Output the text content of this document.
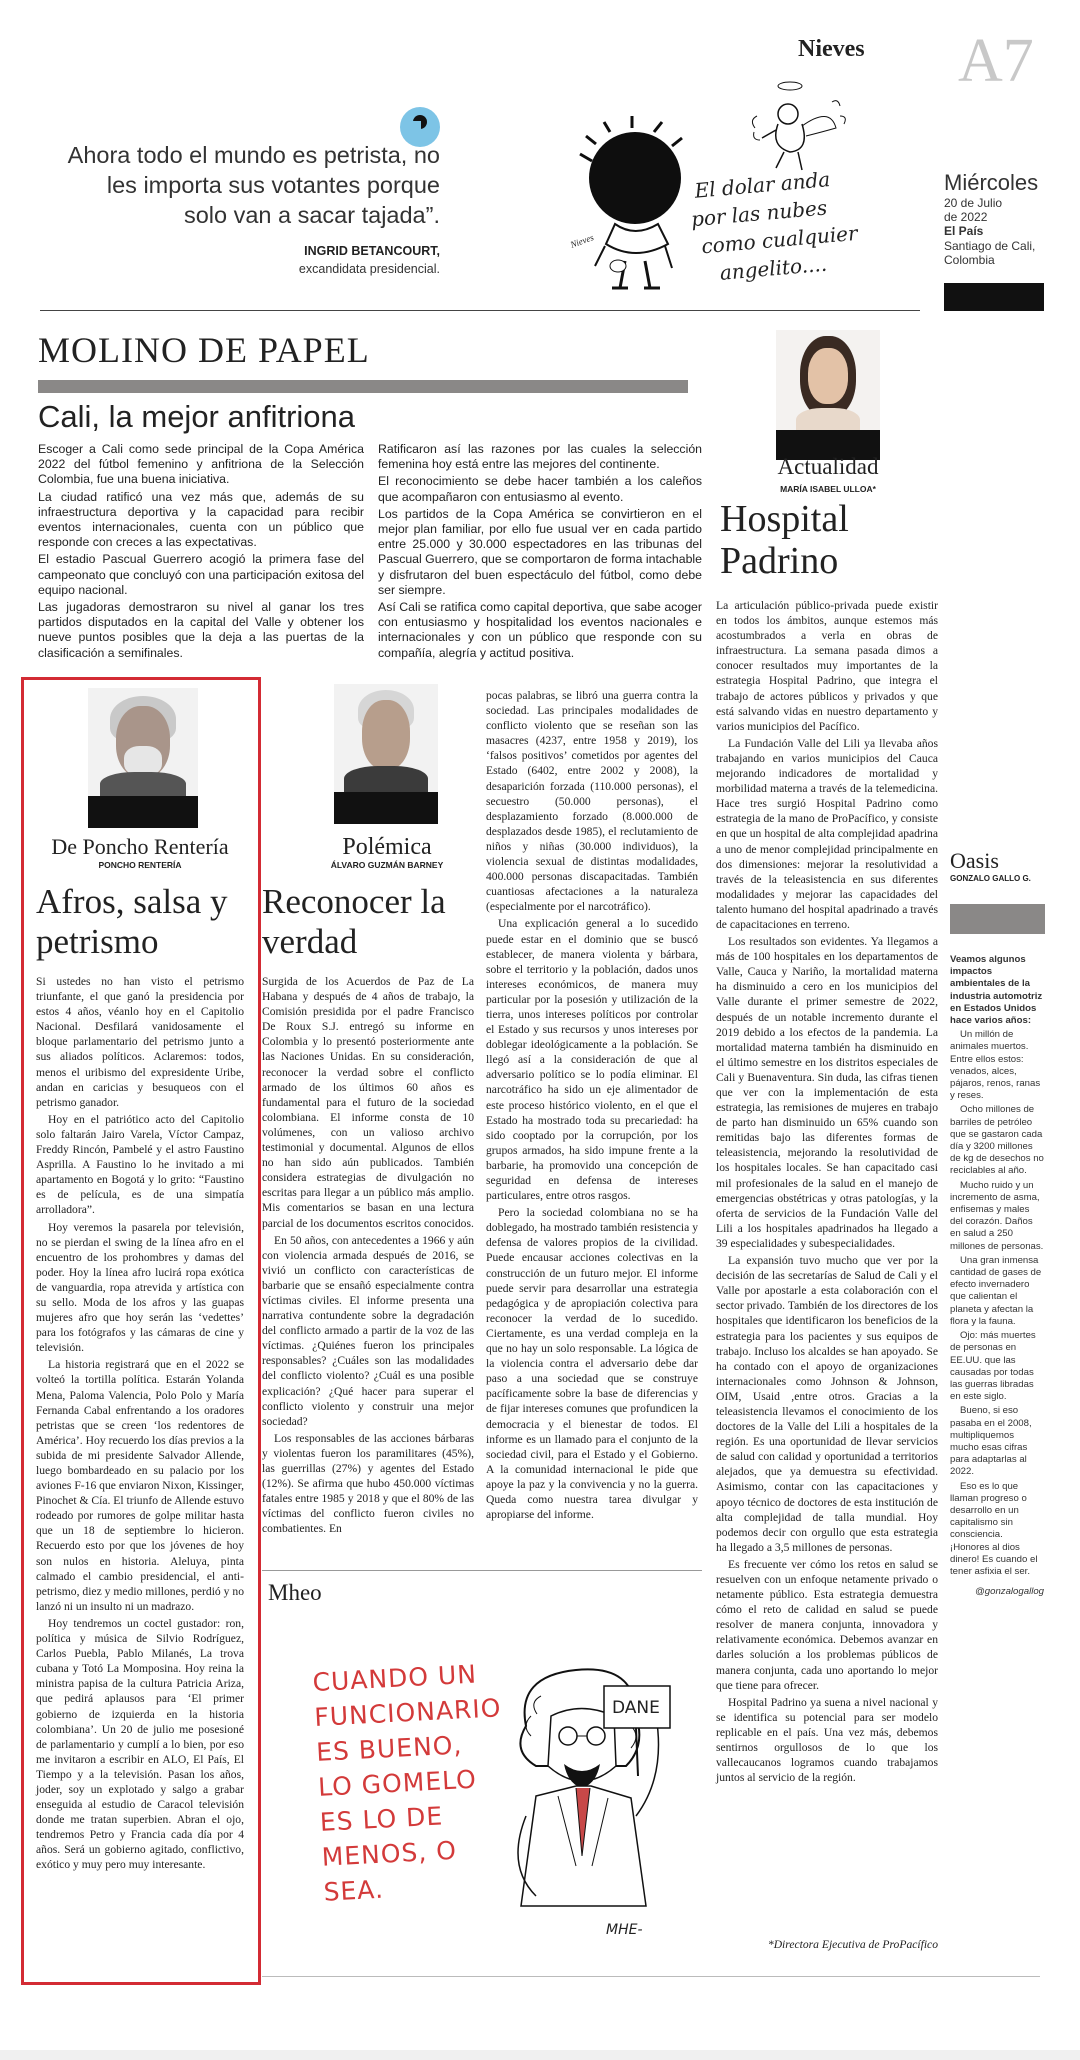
Nieves A7
Ahora todo el mundo es petrista, no les importa sus votantes porque solo van a sacar tajada”.
INGRID BETANCOURT,
excandidata presidencial.
El dolar anda
por las nubes
como cualquier
angelito....
Nieves
Miércoles
20 de Julio
de 2022
El País
Santiago de Cali,
Colombia
MOLINO DE PAPEL
Cali, la mejor anfitriona

Escoger a Cali como sede principal de la Copa América 2022 del fútbol femenino y anfitriona de la Selección Colombia, fue una buena iniciativa.

La ciudad ratificó una vez más que, además de su infraestructura deportiva y la capacidad para recibir eventos internacionales, cuenta con un público que responde con creces a las expectativas.

El estadio Pascual Guerrero acogió la primera fase del campeonato que concluyó con una participación exitosa del equipo nacional.

Las jugadoras demostraron su nivel al ganar los tres partidos disputados en la capital del Valle y obtener los nueve puntos posibles que la deja a las puertas de la clasificación a semifinales.

Ratificaron así las razones por las cuales la selección femenina hoy está entre las mejores del continente.

El reconocimiento se debe hacer también a los caleños que acompañaron con entusiasmo al evento.

Los partidos de la Copa América se convirtieron en el mejor plan familiar, por ello fue usual ver en cada partido entre 25.000 y 30.000 espectadores en las tribunas del Pascual Guerrero, que se comportaron de forma intachable y disfrutaron del buen espectáculo del fútbol, como debe ser siempre.

Así Cali se ratifica como capital deportiva, que sabe acoger con entusiasmo y hospitalidad los eventos nacionales e internacionales y con un público que responde con su compañía, alegría y actitud positiva.

Actualidad
MARÍA ISABEL ULLOA*
Hospital Padrino

La articulación público-privada puede existir en todos los ámbitos, aunque estemos más acostumbrados a verla en obras de infraestructura. La semana pasada dimos a conocer resultados muy importantes de la estrategia Hospital Padrino, que integra el trabajo de actores públicos y privados y que está salvando vidas en nuestro departamento y varios municipios del Pacífico.

La Fundación Valle del Lili ya llevaba años trabajando en varios municipios del Cauca mejorando indicadores de mortalidad y morbilidad materna a través de la telemedicina. Hace tres surgió Hospital Padrino como estrategia de la mano de ProPacífico, y consiste en que un hospital de alta complejidad apadrina a uno de menor complejidad principalmente en dos dimensiones: mejorar la resolutividad a través de la teleasistencia en sus diferentes modalidades y mejorar las capacidades del talento humano del hospital apadrinado a través de capacitaciones en terreno.

Los resultados son evidentes. Ya llegamos a más de 100 hospitales en los departamentos de Valle, Cauca y Nariño, la mortalidad materna ha disminuido a cero en los municipios del Valle durante el primer semestre de 2022, después de un notable incremento durante el 2019 debido a los efectos de la pandemia. La mortalidad materna también ha disminuido en el último semestre en los distritos especiales de Cali y Buenaventura. Sin duda, las cifras tienen que ver con la implementación de esta estrategia, las remisiones de mujeres en trabajo de parto han disminuido un 65% cuando son remitidas bajo las diferentes formas de teleasistencia, mejorando la resolutividad de los hospitales locales. Se han capacitado casi mil profesionales de la salud en el manejo de emergencias obstétricas y otras patologías, y la oferta de servicios de la Fundación Valle del Lili a los hospitales apadrinados ha llegado a 39 especialidades y subespecialidades.

La expansión tuvo mucho que ver por la decisión de las secretarías de Salud de Cali y el Valle por apostarle a esta colaboración con el sector privado. También de los directores de los hospitales que identificaron los beneficios de la estrategia para los pacientes y sus equipos de trabajo. Incluso los alcaldes se han apoyado. Se ha contado con el apoyo de organizaciones internacionales como Johnson & Johnson, OIM, Usaid ,entre otros. Gracias a la teleasistencia llevamos el conocimiento de los doctores de la Valle del Lili a hospitales de la región. Es una oportunidad de llevar servicios de salud con calidad y oportunidad a territorios alejados, que ya demuestra su efectividad. Asimismo, contar con las capacitaciones y apoyo técnico de doctores de esta institución de alta complejidad de talla mundial. Hoy podemos decir con orgullo que esta estrategia ha llegado a 3,5 millones de personas.

Es frecuente ver cómo los retos en salud se resuelven con un enfoque netamente privado o netamente público. Esta estrategia demuestra cómo el reto de calidad en salud se puede resolver de manera conjunta, innovadora y relativamente económica. Debemos avanzar en darles solución a los problemas públicos de manera conjunta, cada uno aportando lo mejor que tiene para ofrecer.

Hospital Padrino ya suena a nivel nacional y se identifica su potencial para ser modelo replicable en el país. Una vez más, debemos sentirnos orgullosos de lo que los vallecaucanos logramos cuando trabajamos juntos al servicio de la región.

*Directora Ejecutiva de ProPacífico
De Poncho Rentería
PONCHO RENTERÍA
Afros, salsa y petrismo

Si ustedes no han visto el petrismo triunfante, el que ganó la presidencia por estos 4 años, véanlo hoy en el Capitolio Nacional. Desfilará vanidosamente el bloque parlamentario del petrismo junto a sus aliados políticos. Aclaremos: todos, menos el uribismo del expresidente Uribe, andan en caricias y besuqueos con el petrismo ganador.

Hoy en el patriótico acto del Capitolio solo faltarán Jairo Varela, Víctor Campaz, Freddy Rincón, Pambelé y el astro Faustino Asprilla. A Faustino lo he invitado a mi apartamento en Bogotá y lo grito: “Faustino es de película, es de una simpatía arrolladora”.

Hoy veremos la pasarela por televisión, no se pierdan el swing de la línea afro en el encuentro de los prohombres y damas del poder. Hoy la línea afro lucirá ropa exótica de vanguardia, ropa atrevida y artística con su sello. Moda de los afros y las guapas mujeres afro que hoy serán las ‘vedettes’ para los fotógrafos y las cámaras de cine y televisión.

La historia registrará que en el 2022 se volteó la tortilla política. Estarán Yolanda Mena, Paloma Valencia, Polo Polo y María Fernanda Cabal enfrentando a los oradores petristas que se creen ‘los redentores de América’. Hoy recuerdo los días previos a la subida de mi presidente Salvador Allende, luego bombardeado en su palacio por los aviones F-16 que enviaron Nixon, Kissinger, Pinochet & Cía. El triunfo de Allende estuvo rodeado por rumores de golpe militar hasta que un 18 de septiembre lo hicieron. Recuerdo esto por que los jóvenes de hoy son nulos en historia. Aleluya, pinta calmado el cambio presidencial, el anti-petrismo, diez y medio millones, perdió y no lanzó ni un insulto ni un madrazo.

Hoy tendremos un coctel gustador: ron, política y música de Silvio Rodríguez, Carlos Puebla, Pablo Milanés, La trova cubana y Totó La Momposina. Hoy reina la ministra papisa de la cultura Patricia Ariza, que pedirá aplausos para ‘El primer gobierno de izquierda en la historia colombiana’. Un 20 de julio me posesioné de parlamentario y cumplí a lo bien, por eso me invitaron a escribir en ALO, El País, El Tiempo y a la televisión. Pasan los años, joder, soy un explotado y salgo a grabar enseguida al estudio de Caracol televisión donde me tratan superbien. Abran el ojo, tendremos Petro y Francia cada día por 4 años. Será un gobierno agitado, conflictivo, exótico y muy pero muy interesante.

Polémica
ÁLVARO GUZMÁN BARNEY
Reconocer la verdad

Surgida de los Acuerdos de Paz de La Habana y después de 4 años de trabajo, la Comisión presidida por el padre Francisco De Roux S.J. entregó su informe en Colombia y lo presentó posteriormente ante las Naciones Unidas. En su consideración, reconocer la verdad sobre el conflicto armado de los últimos 60 años es fundamental para el futuro de la sociedad colombiana. El informe consta de 10 volúmenes, con un valioso archivo testimonial y documental. Algunos de ellos no han sido aún publicados. También considera estrategias de divulgación no escritas para llegar a un público más amplio. Mis comentarios se basan en una lectura parcial de los documentos escritos conocidos.

En 50 años, con antecedentes a 1966 y aún con violencia armada después de 2016, se vivió un conflicto con características de barbarie que se ensañó especialmente contra víctimas civiles. El informe presenta una narrativa contundente sobre la degradación del conflicto armado a partir de la voz de las víctimas. ¿Quiénes fueron los principales responsables? ¿Cuáles son las modalidades del conflicto violento? ¿Cuál es una posible explicación? ¿Qué hacer para superar el conflicto violento y construir una mejor sociedad?

Los responsables de las acciones bárbaras y violentas fueron los paramilitares (45%), las guerrillas (27%) y agentes del Estado (12%). Se afirma que hubo 450.000 víctimas fatales entre 1985 y 2018 y que el 80% de las víctimas del conflicto fueron civiles no combatientes. En

pocas palabras, se libró una guerra contra la sociedad. Las principales modalidades de conflicto violento que se reseñan son las masacres (4237, entre 1958 y 2019), los ‘falsos positivos’ cometidos por agentes del Estado (6402, entre 2002 y 2008), la desaparición forzada (110.000 personas), el secuestro (50.000 personas), el desplazamiento forzado (8.000.000 de desplazados desde 1985), el reclutamiento de niños y niñas (30.000 individuos), la violencia sexual de distintas modalidades, 400.000 personas discapacitadas. También cuantiosas afectaciones a la naturaleza (especialmente por el narcotráfico).

Una explicación general a lo sucedido puede estar en el dominio que se buscó establecer, de manera violenta y bárbara, sobre el territorio y la población, dados unos intereses económicos, de manera muy particular por la posesión y utilización de la tierra, unos intereses políticos por controlar el Estado y sus recursos y unos intereses por doblegar ideológicamente a la población. Se llegó así a la consideración de que al adversario político se lo podía eliminar. El narcotráfico ha sido un eje alimentador de este proceso histórico violento, en el que el Estado ha mostrado toda su precariedad: ha sido cooptado por la corrupción, por los grupos armados, ha sido impune frente a la barbarie, ha promovido una concepción de seguridad en defensa de intereses particulares, entre otros rasgos.

Pero la sociedad colombiana no se ha doblegado, ha mostrado también resistencia y defensa de valores propios de la civilidad. Puede encausar acciones colectivas en la construcción de un futuro mejor. El informe puede servir para desarrollar una estrategia pedagógica y de apropiación colectiva para reconocer la verdad de lo sucedido. Ciertamente, es una verdad compleja en la que no hay un solo responsable. La lógica de la violencia contra el adversario debe dar paso a una sociedad que se construye pacíficamente sobre la base de diferencias y de fijar intereses comunes que profundicen la democracia y el bienestar de todos. El informe es un llamado para el conjunto de la sociedad civil, para el Estado y el Gobierno. A la comunidad internacional le pide que apoye la paz y la convivencia y no la guerra. Queda como nuestra tarea divulgar y apropiarse del informe.

Mheo
CUANDO UN
FUNCIONARIO
ES BUENO,
LO GOMELO
ES LO DE
MENOS, O
SEA.
DANE
MHE-
Oasis
GONZALO GALLO G.

Veamos algunos impactos ambientales de la industria automotriz en Estados Unidos hace varios años:

Un millón de animales muertos. Entre ellos estos: venados, alces, pájaros, renos, ranas y reses.

Ocho millones de barriles de petróleo que se gastaron cada día y 3200 millones de kg de desechos no reciclables al año.

Mucho ruido y un incremento de asma, enfisemas y males del corazón. Daños en salud a 250 millones de personas.

Una gran inmensa cantidad de gases de efecto invernadero que calientan el planeta y afectan la flora y la fauna.

Ojo: más muertes de personas en EE.UU. que las causadas por todas las guerras libradas en este siglo.

Bueno, si eso pasaba en el 2008, multipliquemos mucho esas cifras para adaptarlas al 2022.

Eso es lo que llaman progreso o desarrollo en un capitalismo sin consciencia. ¡Honores al dios dinero! Es cuando el tener asfixia el ser.

@gonzalogallog
